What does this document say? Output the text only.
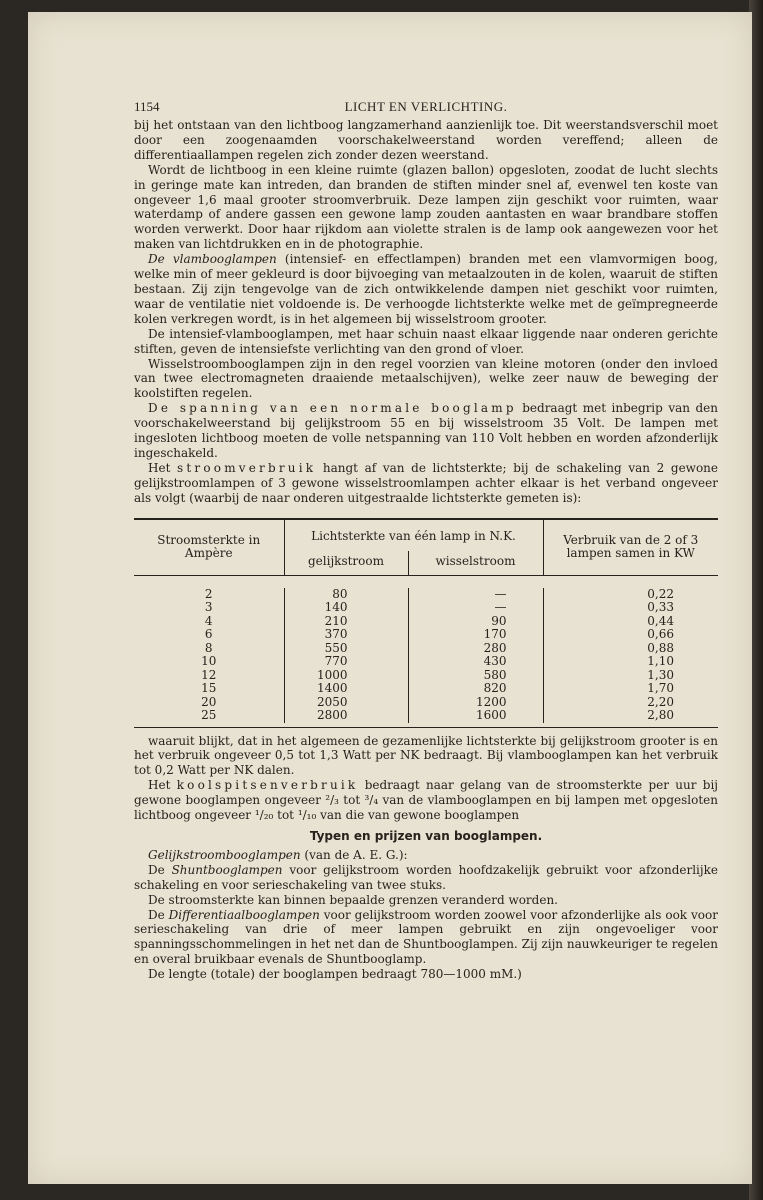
1154	LICHT EN VERLICHTING.

bij het ontstaan van den lichtboog langzamerhand aanzienlijk toe. Dit weerstandsverschil moet door een zoogenaamden voorschakelweerstand worden vereffend; alleen de differentiaallampen regelen zich zonder dezen weerstand.

Wordt de lichtboog in een kleine ruimte (glazen ballon) opgesloten, zoodat de lucht slechts in geringe mate kan intreden, dan branden de stiften minder snel af, evenwel ten koste van ongeveer 1,6 maal grooter stroomverbruik. Deze lampen zijn geschikt voor ruimten, waar waterdamp of andere gassen een gewone lamp zouden aantasten en waar brandbare stoffen worden verwerkt. Door haar rijkdom aan violette stralen is de lamp ook aangewezen voor het maken van lichtdrukken en in de photographie.

De vlambooglampen (intensief- en effectlampen) branden met een vlamvormigen boog, welke min of meer gekleurd is door bijvoeging van metaalzouten in de kolen, waaruit de stiften bestaan. Zij zijn tengevolge van de zich ontwikkelende dampen niet geschikt voor ruimten, waar de ventilatie niet voldoende is. De verhoogde lichtsterkte welke met de geïmpregneerde kolen verkregen wordt, is in het algemeen bij wisselstroom grooter.

De intensief-vlambooglampen, met haar schuin naast elkaar liggende naar onderen gerichte stiften, geven de intensiefste verlichting van den grond of vloer.

Wisselstroombooglampen zijn in den regel voorzien van kleine motoren (onder den invloed van twee electromagneten draaiende metaalschijven), welke zeer nauw de beweging der koolstiften regelen.

De spanning van een normale booglamp bedraagt met inbegrip van den voorschakelweerstand bij gelijkstroom 55 en bij wisselstroom 35 Volt. De lampen met ingesloten lichtboog moeten de volle netspanning van 110 Volt hebben en worden afzonderlijk ingeschakeld.

Het stroomverbruik hangt af van de lichtsterkte; bij de schakeling van 2 gewone gelijkstroomlampen of 3 gewone wisselstroomlampen achter elkaar is het verband ongeveer als volgt (waarbij de naar onderen uitgestraalde lichtsterkte gemeten is):

Stroomsterkte in Ampère	Lichtsterkte van één lamp in N.K.		Verbruik van de 2 of 3 lampen samen in KW
	gelijkstroom	wisselstroom	

2	80	—	0,22
3	140	—	0,33
4	210	90	0,44
6	370	170	0,66
8	550	280	0,88
10	770	430	1,10
12	1000	580	1,30
15	1400	820	1,70
20	2050	1200	2,20
25	2800	1600	2,80

waaruit blijkt, dat in het algemeen de gezamenlijke lichtsterkte bij gelijkstroom grooter is en het verbruik ongeveer 0,5 tot 1,3 Watt per NK bedraagt. Bij vlambooglampen kan het verbruik tot 0,2 Watt per NK dalen.

Het koolspitsenverbruik bedraagt naar gelang van de stroomsterkte per uur bij gewone booglampen ongeveer ²/₃ tot ³/₄ van de vlambooglampen en bij lampen met opgesloten lichtboog ongeveer ¹/₂₀ tot ¹/₁₀ van die van gewone booglampen

Typen en prijzen van booglampen.

Gelijkstroombooglampen (van de A. E. G.):

De Shuntbooglampen voor gelijkstroom worden hoofdzakelijk gebruikt voor afzonderlijke schakeling en voor serieschakeling van twee stuks.

De stroomsterkte kan binnen bepaalde grenzen veranderd worden.

De Differentiaalbooglampen voor gelijkstroom worden zoowel voor afzonderlijke als ook voor serieschakeling van drie of meer lampen gebruikt en zijn ongevoeliger voor spanningsschommelingen in het net dan de Shuntbooglampen. Zij zijn nauwkeuriger te regelen en overal bruikbaar evenals de Shuntbooglamp.

De lengte (totale) der booglampen bedraagt 780—1000 mM.)
